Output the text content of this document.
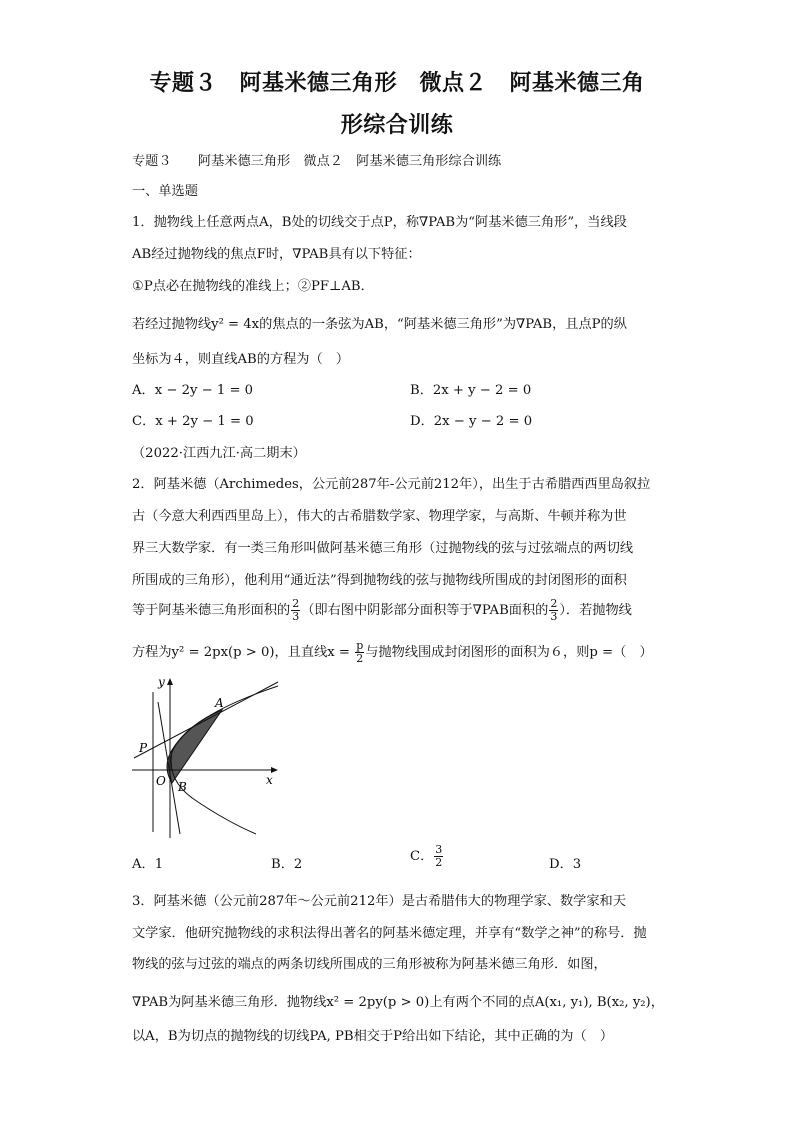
专题３　阿基米德三角形　微点２　阿基米德三角
形综合训练
专题３　　阿基米德三角形　微点２　阿基米德三角形综合训练
一、单选题
1．抛物线上任意两点A，B处的切线交于点P，称∇PAB为“阿基米德三角形”，当线段
AB经过抛物线的焦点F时，∇PAB具有以下特征：
①P点必在抛物线的准线上；②PF⊥AB．
若经过抛物线y² = 4x的焦点的一条弦为AB，“阿基米德三角形”为∇PAB，且点P的纵
坐标为４，则直线AB的方程为（　）
A．x − 2y − 1 = 0	B．2x + y − 2 = 0
C．x + 2y − 1 = 0	D．2x − y − 2 = 0
（2022·江西九江·高二期末）
2．阿基米德（Archimedes，公元前287年-公元前212年），出生于古希腊西西里岛叙拉
古（今意大利西西里岛上），伟大的古希腊数学家、物理学家，与高斯、牛顿并称为世
界三大数学家．有一类三角形叫做阿基米德三角形（过抛物线的弦与过弦端点的两切线
所围成的三角形），他利用“通近法”得到抛物线的弦与抛物线所围成的封闭图形的面积
等于阿基米德三角形面积的 $\frac{2}{3}$ （即右图中阴影部分面积等于∇PAB面积的 $\frac{2}{3}$ ）．若抛物线
方程为y² = 2px(p > 0)，且直线$x = \frac{p}{2}$ 与抛物线围成封闭图形的面积为６，则p =（　）
y
x
A
P
O B
A．1	B．2
C． $\frac{3}{2}$	D．3
3．阿基米德（公元前287年～公元前212年）是古希腊伟大的物理学家、数学家和天
文学家．他研究抛物线的求积法得出著名的阿基米德定理，并享有“数学之神”的称号．抛
物线的弦与过弦的端点的两条切线所围成的三角形被称为阿基米德三角形．如图，
∇PAB为阿基米德三角形．抛物线x² = 2py(p > 0)上有两个不同的点A(x₁, y₁), B(x₂, y₂)，
以A，B为切点的抛物线的切线PA, PB相交于P给出如下结论，其中正确的为（　）
